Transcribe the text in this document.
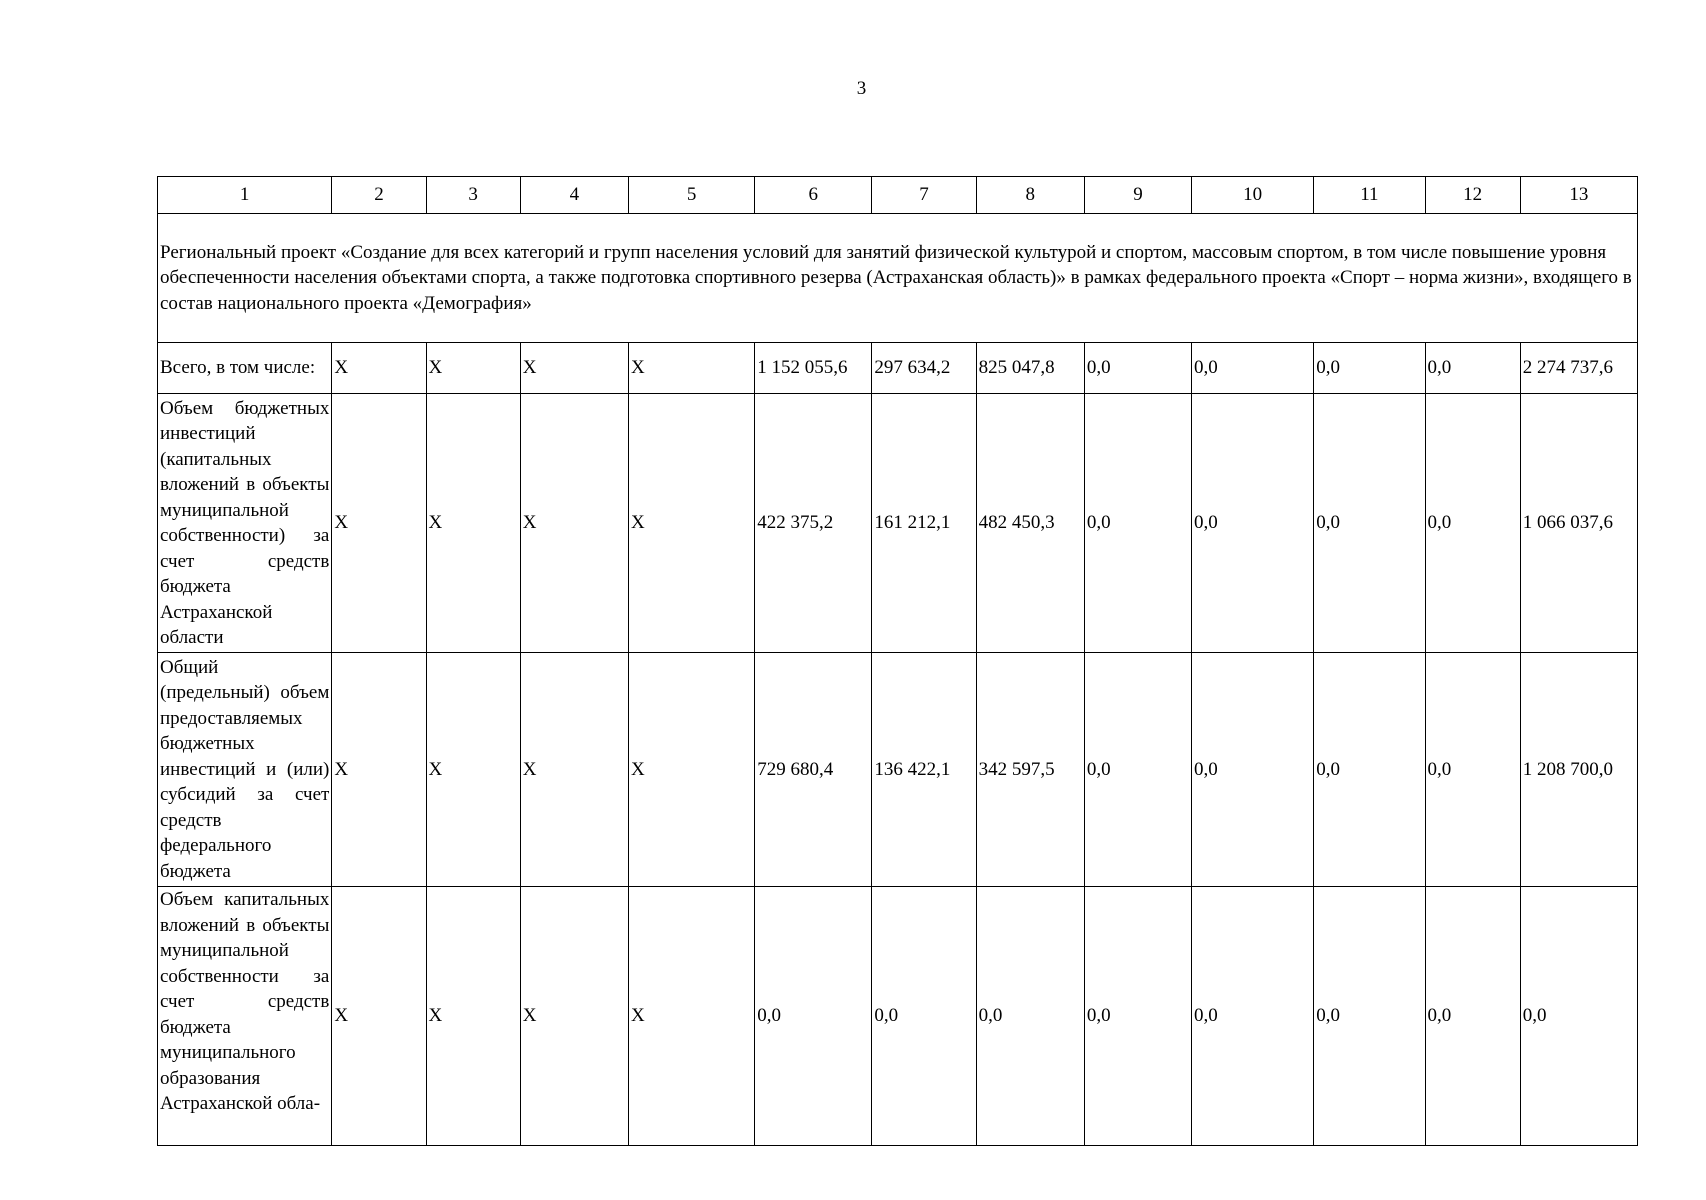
3
1	2	3	4	5	6	7	8	9	10	11	12	13
Региональный проект «Создание для всех категорий и групп населения условий для занятий физической культурой и спортом, массовым спортом, в том числе повышение уровня обеспеченности населения объектами спорта, а также подготовка спортивного резерва (Астраханская область)» в рамках федерального проекта «Спорт – норма жизни», входящего в состав национального проекта «Демография»												
Всего, в том числе:	X	X	X	X	1 152 055,6	297 634,2	825 047,8	0,0	0,0	0,0	0,0	2 274 737,6
Объем бюджетных инвестиций (капитальных вложений в объекты муниципальной собственности) за счет средств бюджета Астраханской области	X	X	X	X	422 375,2	161 212,1	482 450,3	0,0	0,0	0,0	0,0	1 066 037,6
Общий (предельный) объем предоставляемых бюджетных инвестиций и (или) субсидий за счет средств федерального бюджета	X	X	X	X	729 680,4	136 422,1	342 597,5	0,0	0,0	0,0	0,0	1 208 700,0

Объем капитальных вложений в объекты муниципальной собственности за счет средств бюджета муниципального образования Астраханской обла-	X	X	X	X	0,0	0,0	0,0	0,0	0,0	0,0	0,0	0,0
